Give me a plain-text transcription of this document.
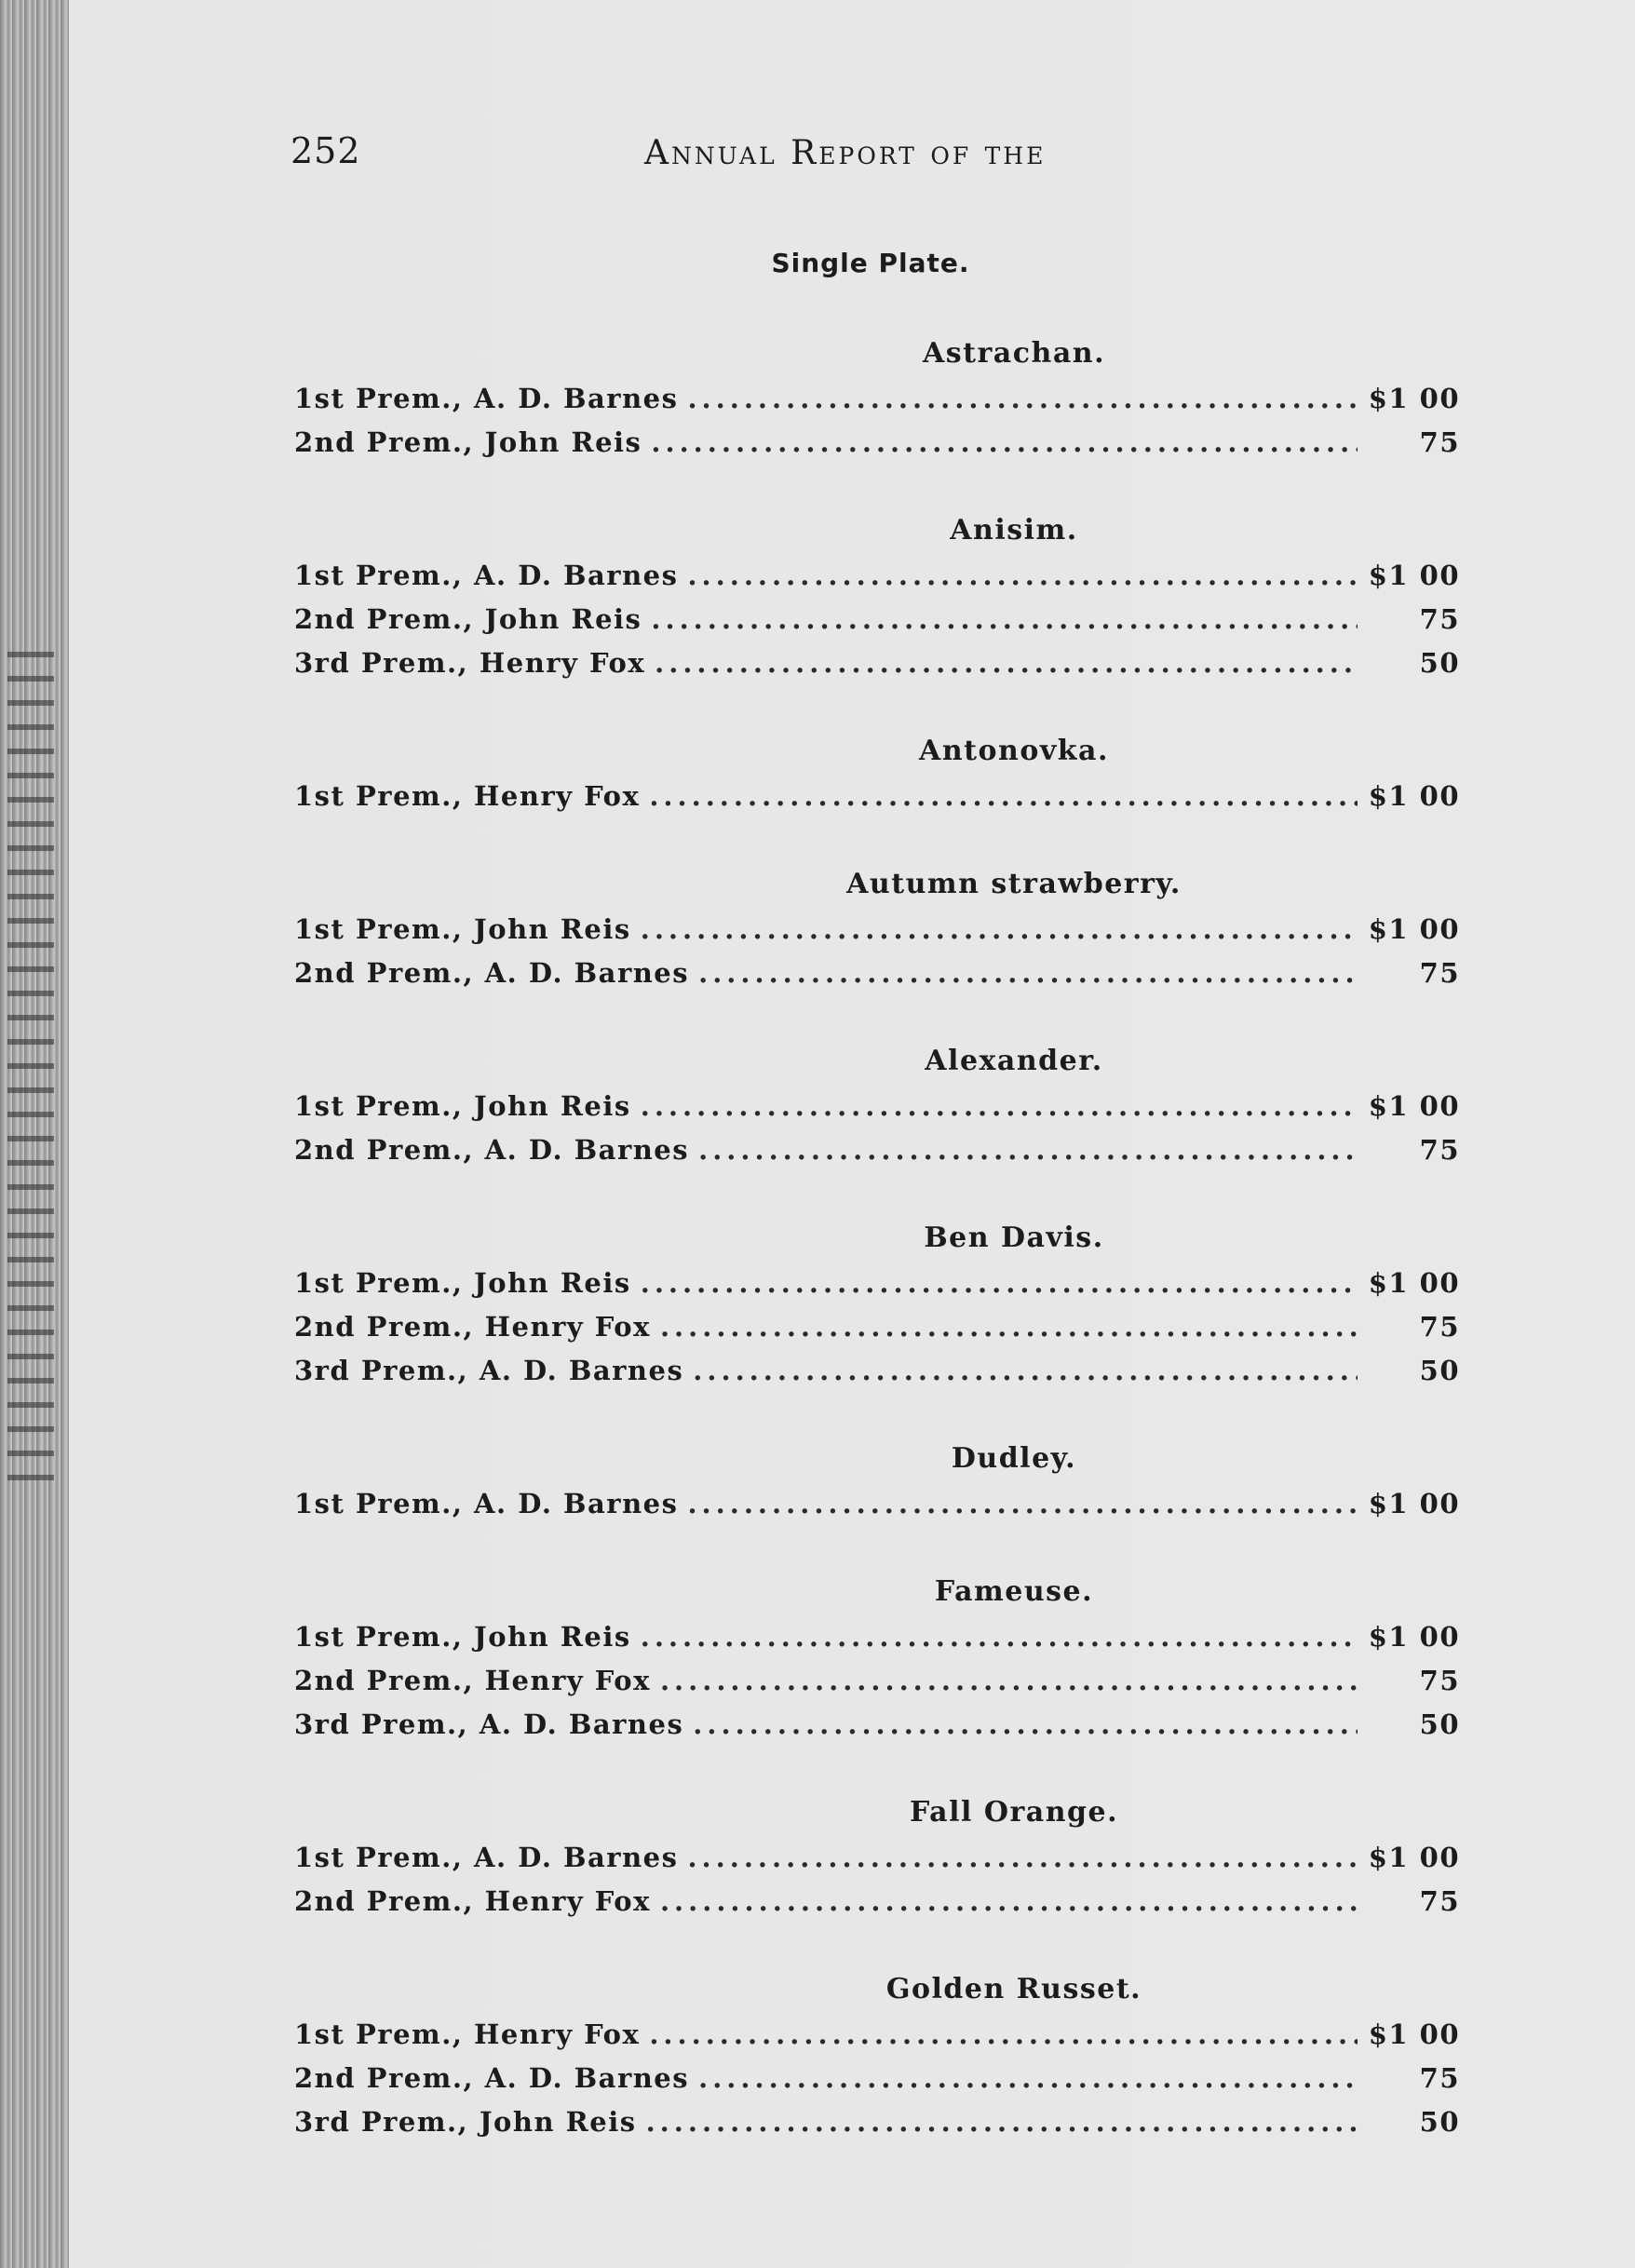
252	Annual Report of the
Single Plate.
Astrachan.
1st Prem., A. D. Barnes .....	$1 00
2nd Prem., John Reis .....	75
Anisim.
1st Prem., A. D. Barnes .....	$1 00
2nd Prem., John Reis .....	75
3rd Prem., Henry Fox .....	50
Antonovka.
1st Prem., Henry Fox .....	$1 00
Autumn strawberry.
1st Prem., John Reis .....	$1 00
2nd Prem., A. D. Barnes .....	75
Alexander.
1st Prem., John Reis .....	$1 00
2nd Prem., A. D. Barnes .....	75
Ben Davis.
1st Prem., John Reis .....	$1 00
2nd Prem., Henry Fox .....	75
3rd Prem., A. D. Barnes .....	50
Dudley.
1st Prem., A. D. Barnes .....	$1 00
Fameuse.
1st Prem., John Reis .....	$1 00
2nd Prem., Henry Fox .....	75
3rd Prem., A. D. Barnes .....	50
Fall Orange.
1st Prem., A. D. Barnes .....	$1 00
2nd Prem., Henry Fox .....	75
Golden Russet.
1st Prem., Henry Fox .....	$1 00
2nd Prem., A. D. Barnes .....	75
3rd Prem., John Reis .....	50
